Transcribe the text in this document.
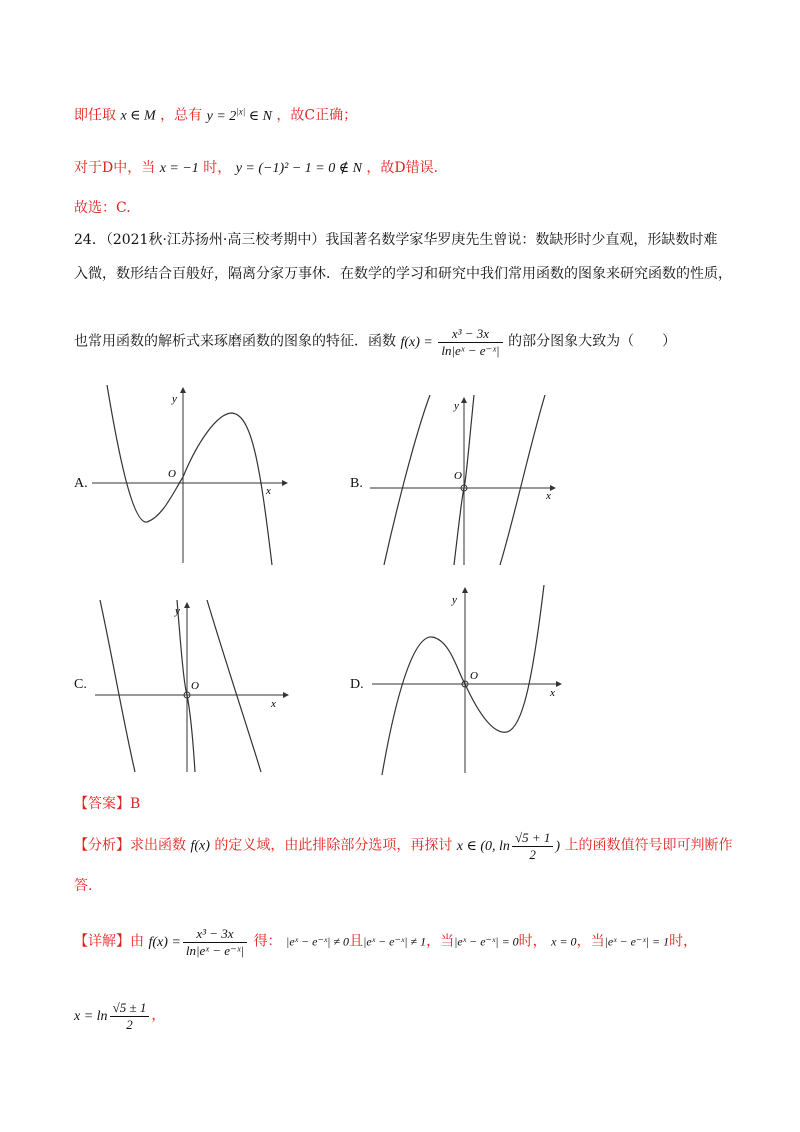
即任取 x ∈ M ，总有 $y = 2^{|x|}$ ∈ N ，故C正确；
对于D中，当 x = −1 时， y = (−1)² − 1 = 0 ∉ N ，故D错误.
故选：C.
24．（2021秋·江苏扬州·高三校考期中）我国著名数学家华罗庚先生曾说：数缺形时少直观，形缺数时难
入微，数形结合百般好，隔离分家万事休．在数学的学习和研究中我们常用函数的图象来研究函数的性质，
也常用函数的解析式来琢磨函数的图象的特征．函数 $f(x) = \frac{\text{x³ − 3x}}{\text{ln|eˣ − e⁻ˣ|}}$ 的部分图象大致为（　　）
A.
O
x
y
B.	O
x
y
C.	O
x
y
D.
O
x
y
【答案】B
【分析】求出函数 f(x) 的定义域，由此排除部分选项，再探讨 x ∈ (0, $\ln \frac{√5 + 1}{2}$ ) 上的函数值符号即可判断作
答.
【详解】由 $f(x) = \frac{\text{x³ − 3x}}{\text{ln|eˣ − e⁻ˣ|}}$ 得： |eˣ − e⁻ˣ| ≠ 0且|eˣ − e⁻ˣ| ≠ 1，当|eˣ − e⁻ˣ| = 0时， x = 0，当|eˣ − e⁻ˣ| = 1时，
$x = \ln \frac{√5 \pm 1}{2}$ ，
